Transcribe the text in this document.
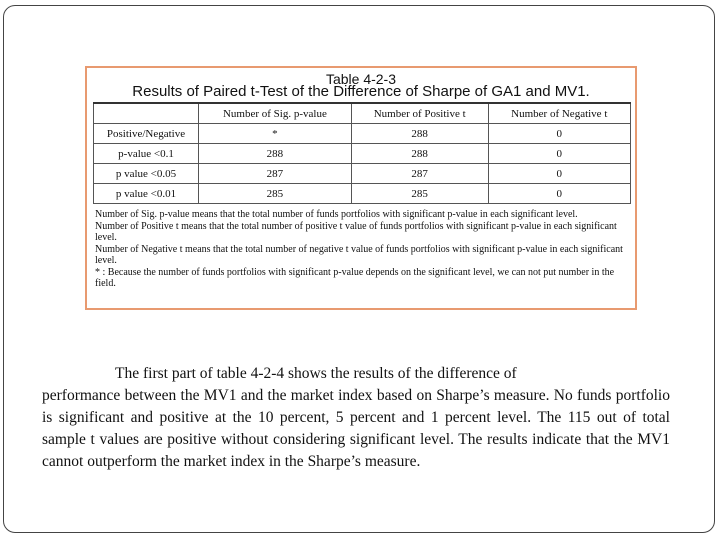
Table 4-2-3
Results of Paired t-Test of the Difference of Sharpe of GA1 and MV1.
	Number of Sig. p-value	Number of Positive t	Number of Negative t
Positive/Negative	*	288	0
p-value <0.1	288	288	0
p value <0.05	287	287	0
p value <0.01	285	285	0

Number of Sig. p-value means that the total number of funds portfolios with significant p-value in each significant level.

Number of Positive t means that the total number of positive t value of funds portfolios with significant p-value in each significant level.

Number of Negative t means that the total number of negative t value of funds portfolios with significant p-value in each significant level.

* : Because the number of funds portfolios with significant p-value depends on the significant level, we can not put number in the field.

The first part of table 4-2-4 shows the results of the difference of
performance between the MV1 and the market index based on Sharpe’s measure. No funds portfolio is significant and positive at the 10 percent, 5 percent and 1 percent level. The 115 out of total sample t values are positive without considering significant level. The results indicate that the MV1 cannot outperform the market index in the Sharpe’s measure.
